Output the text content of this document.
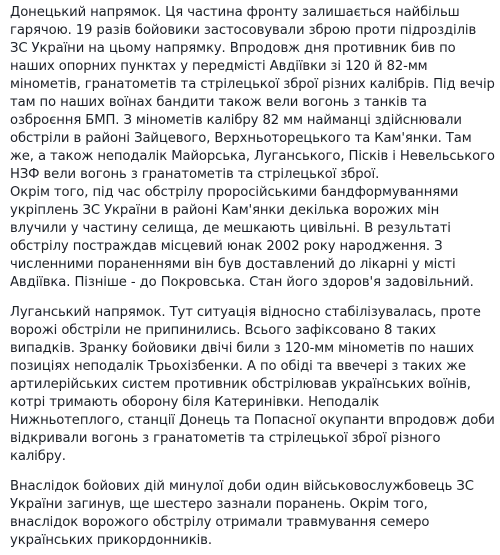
Донецький напрямок. Ця частина фронту залишається найбільш гарячою. 19 разів бойовики застосовували зброю проти підрозділів ЗС України на цьому напрямку. Впродовж дня противник бив по наших опорних пунктах у передмісті Авдіївки зі 120 й 82-мм мінометів, гранатометів та стрілецької зброї різних калібрів. Під вечір там по наших воїнах бандити також вели вогонь з танків та озброєння БМП. З мінометів калібру 82 мм найманці здійснювали обстріли в районі Зайцевого, Верхньоторецького та Кам'янки. Там же, а також неподалік Майорська, Луганського, Пісків і Невельського НЗФ вели вогонь з гранатометів та стрілецької зброї.

Окрім того, під час обстрілу проросійськими бандформуваннями укріплень ЗС України в районі Кам'янки декілька ворожих мін влучили у частину селища, де мешкають цивільні. В результаті обстрілу постраждав місцевий юнак 2002 року народження. З численними пораненнями він був доставлений до лікарні у місті Авдіївка. Пізніше - до Покровська. Стан його здоров'я задовільний.

Луганський напрямок. Тут ситуація відносно стабілізувалась, проте ворожі обстріли не припинились. Всього зафіксовано 8 таких випадків. Зранку бойовики двічі били з 120-мм мінометів по наших позиціях неподалік Трьохізбенки. А по обіді та ввечері з таких же артилерійських систем противник обстрілював українських воїнів, котрі тримають оборону біля Катеринівки. Неподалік Нижньотеплого, станції Донець та Попасної окупанти впродовж доби відкривали вогонь з гранатометів та стрілецької зброї різного калібру.

Внаслідок бойових дій минулої доби один військовослужбовець ЗС України загинув, ще шестеро зазнали поранень. Окрім того, внаслідок ворожого обстрілу отримали травмування семеро українських прикордонників.
